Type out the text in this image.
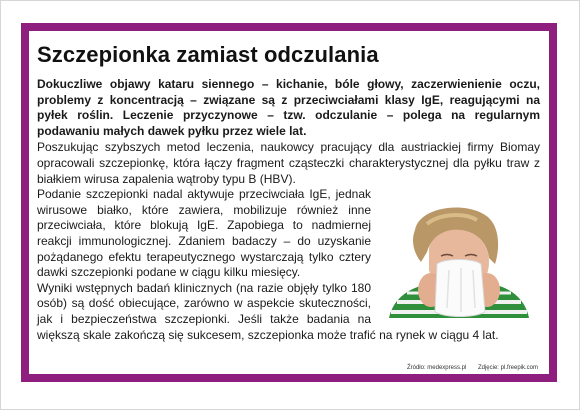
Szczepionka zamiast odczulania

Dokuczliwe objawy kataru siennego – kichanie, bóle głowy, zaczerwienienie oczu, problemy z koncentracją – związane są z przeciwciałami klasy IgE, reagującymi na pyłek roślin. Leczenie przyczynowe – tzw. odczulanie – polega na regularnym podawaniu małych dawek pyłku przez wiele lat.

Poszukując szybszych metod leczenia, naukowcy pracujący dla austriackiej firmy Biomay opracowali szczepionkę, która łączy fragment cząsteczki charakterystycznej dla pyłku traw z białkiem wirusa zapalenia wątroby typu B (HBV).

Podanie szczepionki nadal aktywuje przeciwciała IgE, jednak wirusowe białko, które zawiera, mobilizuje również inne przeciwciała, które blokują IgE. Zapobiega to nadmiernej reakcji immunologicznej. Zdaniem badaczy – do uzyskanie pożądanego efektu terapeutycznego wystarczają tylko cztery dawki szczepionki podane w ciągu kilku miesięcy.

Wyniki wstępnych badań klinicznych (na razie objęły tylko 180 osób) są dość obiecujące, zarówno w aspekcie skuteczności, jak i bezpieczeństwa szczepionki. Jeśli także badania na większą skale zakończą się sukcesem, szczepionka może trafić na rynek w ciągu 4 lat.

Źródło: medexpress.pl Zdjęcie: pl.freepik.com
